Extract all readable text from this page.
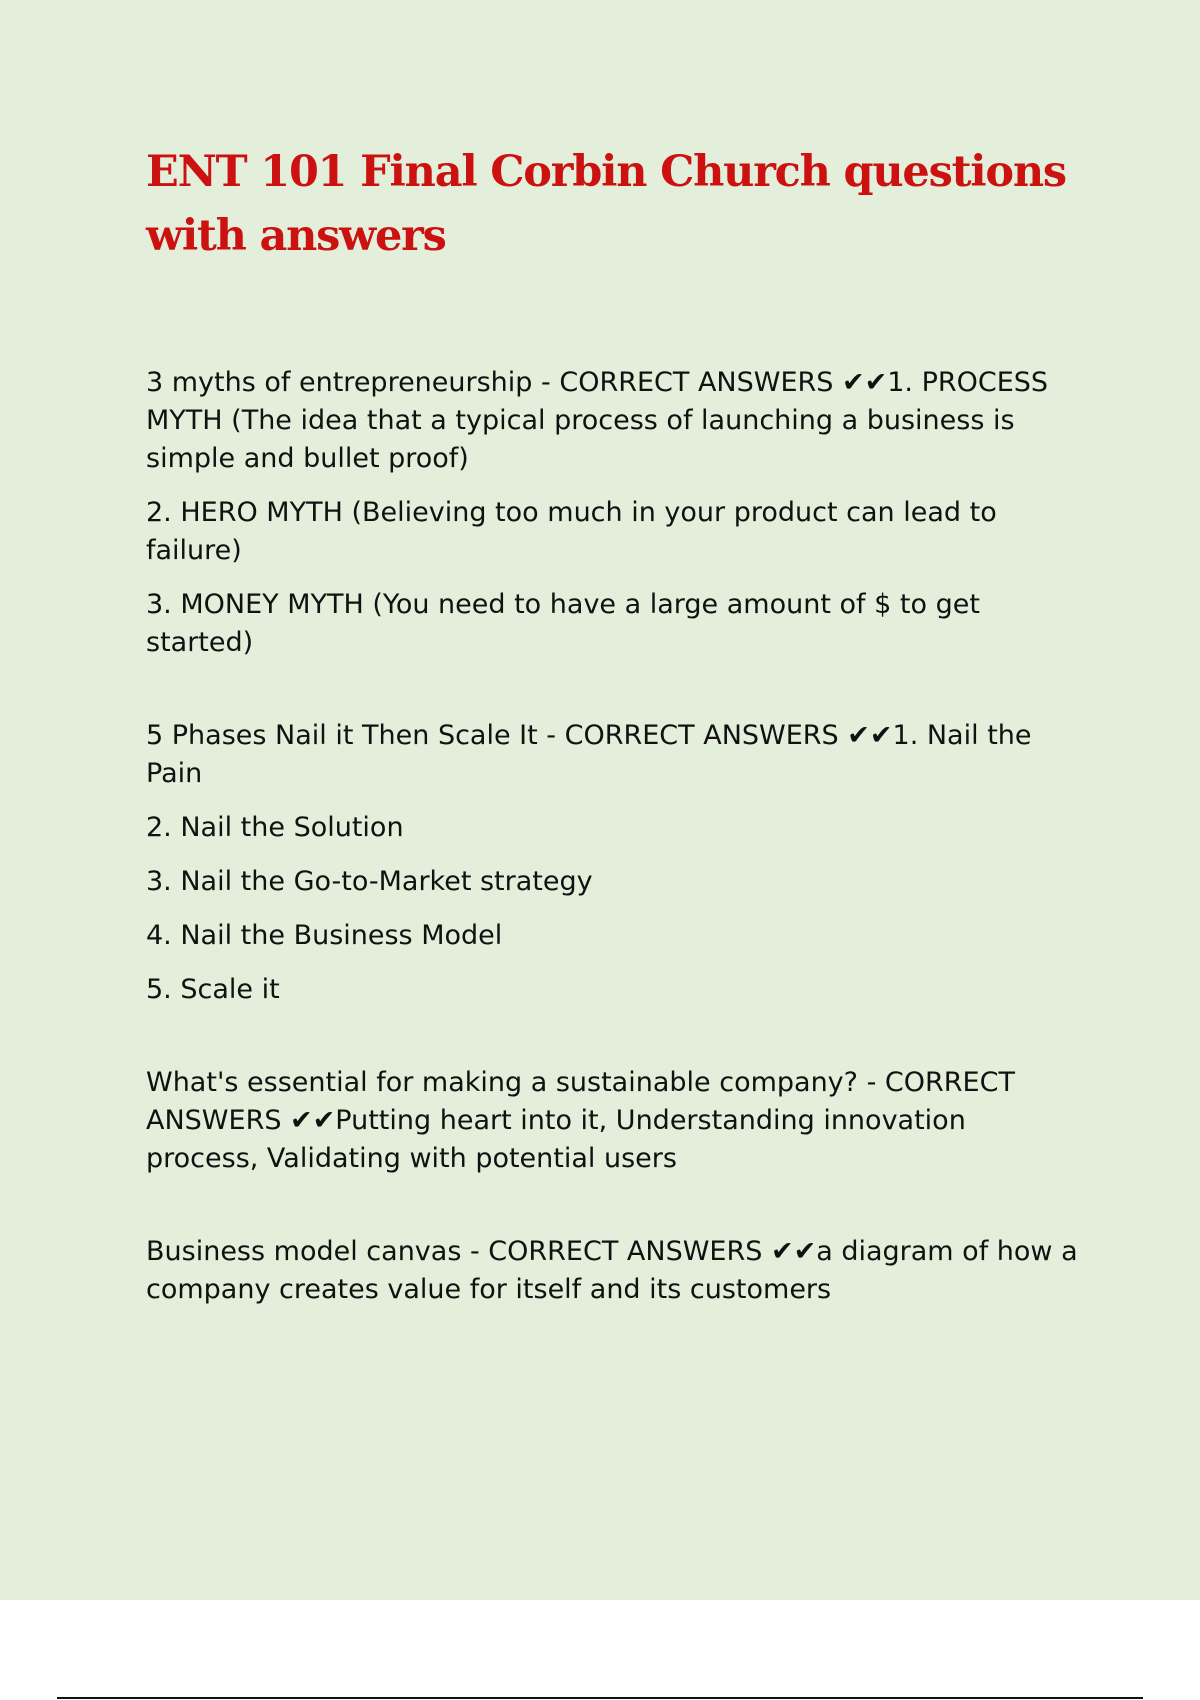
ENT 101 Final Corbin Church questions with answers

3 myths of entrepreneurship - CORRECT ANSWERS ✔✔1. PROCESS MYTH (The idea that a typical process of launching a business is simple and bullet proof)

2. HERO MYTH (Believing too much in your product can lead to failure)

3. MONEY MYTH (You need to have a large amount of $ to get started)

5 Phases Nail it Then Scale It - CORRECT ANSWERS ✔✔1. Nail the Pain

2. Nail the Solution

3. Nail the Go-to-Market strategy

4. Nail the Business Model

5. Scale it

What's essential for making a sustainable company? - CORRECT ANSWERS ✔✔Putting heart into it, Understanding innovation process, Validating with potential users

Business model canvas - CORRECT ANSWERS ✔✔a diagram of how a company creates value for itself and its customers
